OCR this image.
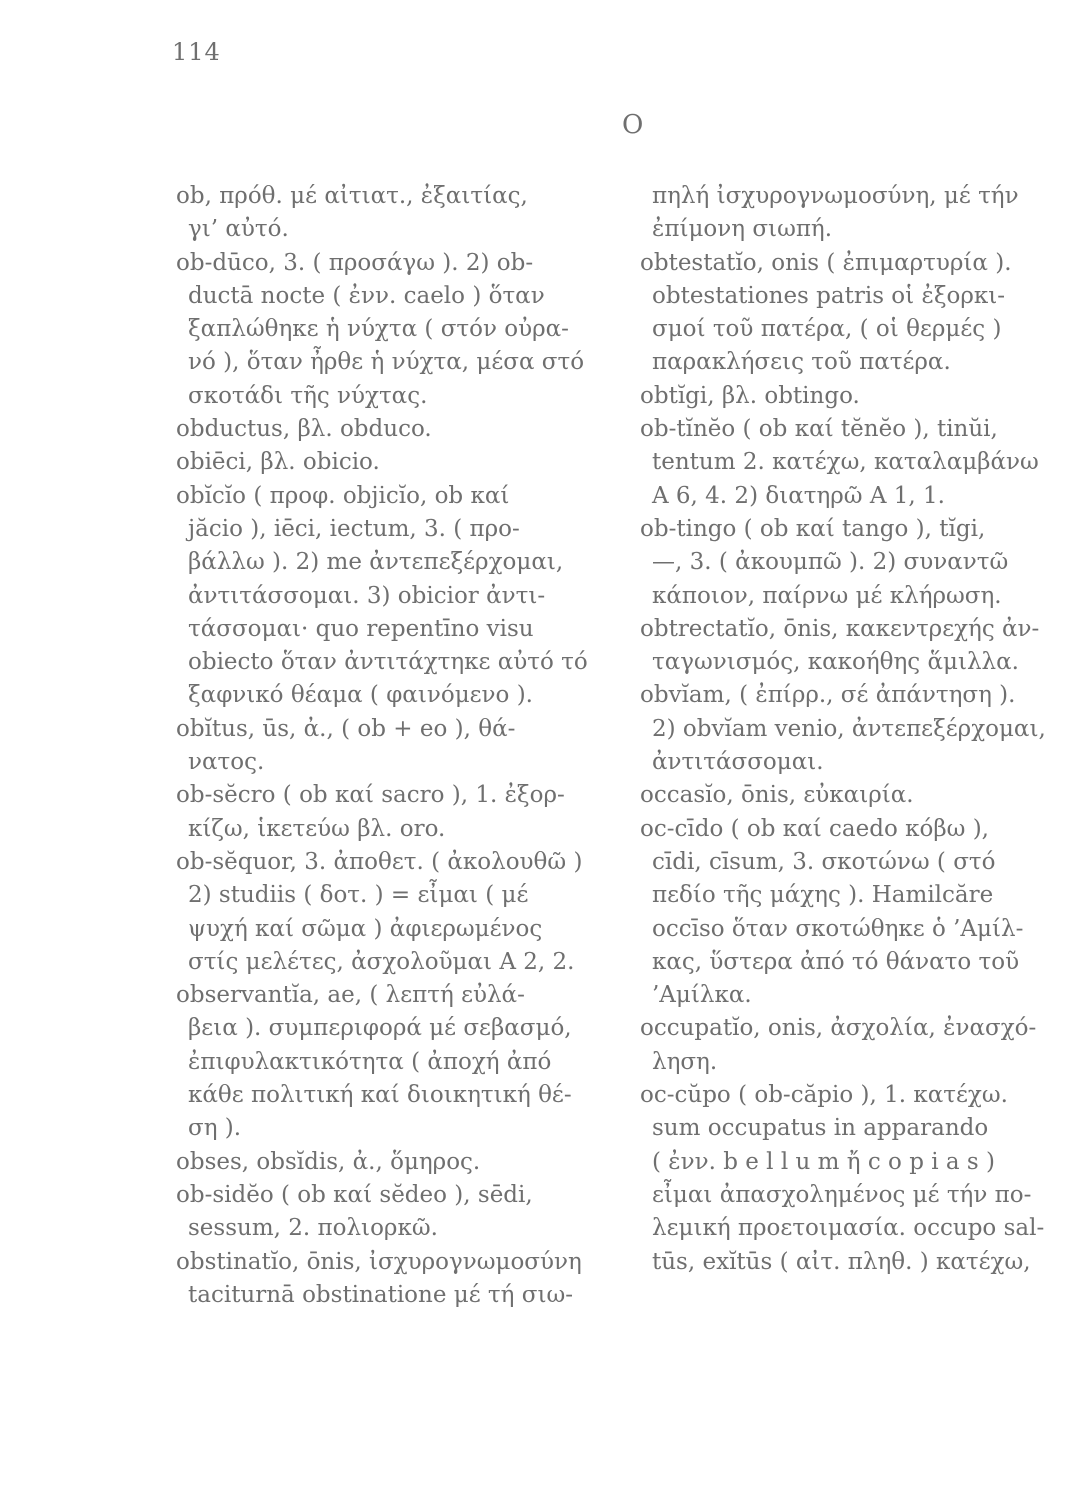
114
O
ob, πρόθ. μέ αἰτιατ., ἐξαιτίας,
γι’ αὐτό.
ob-dūco, 3. ( προσάγω ). 2) ob-
ductā nocte ( ἐνν. caelo ) ὅταν
ξαπλώθηκε ἡ νύχτα ( στόν οὐρα-
νό ), ὅταν ἦρθε ἡ νύχτα, μέσα στό
σκοτάδι τῆς νύχτας.
obductus, βλ. obduco.
obiēci, βλ. obicio.
obĭcĭo ( προφ. objicĭo, ob καί
jăcio ), iēci, iectum, 3. ( προ-
βάλλω ). 2) me ἀντεπεξέρχομαι,
ἀντιτάσσομαι. 3) obicior ἀντι-
τάσσομαι· quo repentīno visu
obiecto ὅταν ἀντιτάχτηκε αὐτό τό
ξαφνικό θέαμα ( φαινόμενο ).
obĭtus, ūs, ἀ., ( ob + eo ), θά-
νατος.
ob-sĕcro ( ob καί sacro ), 1. ἐξορ-
κίζω, ἱκετεύω βλ. oro.
ob-sĕquor, 3. ἀποθετ. ( ἀκολουθῶ )
2) studiis ( δοτ. ) = εἶμαι ( μέ
ψυχή καί σῶμα ) ἀφιερωμένος
στίς μελέτες, ἀσχολοῦμαι Α 2, 2.
observantĭa, ae, ( λεπτή εὐλά-
βεια ). συμπεριφορά μέ σεβασμό,
ἐπιφυλακτικότητα ( ἀποχή ἀπό
κάθε πολιτική καί διοικητική θέ-
ση ).
obses, obsĭdis, ἀ., ὅμηρος.
ob-sidĕo ( ob καί sĕdeo ), sēdi,
sessum, 2. πολιορκῶ.
obstinatĭo, ōnis, ἰσχυρογνωμοσύνη
taciturnā obstinatione μέ τή σιω-
πηλή ἰσχυρογνωμοσύνη, μέ τήν
ἐπίμονη σιωπή.
obtestatĭo, onis ( ἐπιμαρτυρία ).
obtestationes patris οἱ ἐξορκι-
σμοί τοῦ πατέρα, ( οἱ θερμές )
παρακλήσεις τοῦ πατέρα.
obtĭgi, βλ. obtingo.
ob-tĭnĕo ( ob καί tĕnĕo ), tinŭi,
tentum 2. κατέχω, καταλαμβάνω
Α 6, 4. 2) διατηρῶ Α 1, 1.
ob-tingo ( ob καί tango ), tĭgi,
—, 3. ( ἀκουμπῶ ). 2) συναντῶ
κάποιον, παίρνω μέ κλήρωση.
obtrectatĭo, ōnis, κακεντρεχής ἀν-
ταγωνισμός, κακοήθης ἅμιλλα.
obvĭam, ( ἐπίρρ., σέ ἀπάντηση ).
2) obvĭam venio, ἀντεπεξέρχομαι,
ἀντιτάσσομαι.
occasĭo, ōnis, εὐκαιρία.
oc-cīdo ( ob καί caedo κόβω ),
cīdi, cīsum, 3. σκοτώνω ( στό
πεδίο τῆς μάχης ). Hamilcăre
occīso ὅταν σκοτώθηκε ὁ ’Αμίλ-
κας, ὕστερα ἀπό τό θάνατο τοῦ
’Αμίλκα.
occupatĭo, onis, ἀσχολία, ἐνασχό-
ληση.
oc-cŭpo ( ob-căpio ), 1. κατέχω.
sum occupatus in apparando
( ἐνν. b e l l u m ἤ c o p i a s )
εἶμαι ἀπασχολημένος μέ τήν πο-
λεμική προετοιμασία. occupo sal-
tūs, exĭtūs ( αἰτ. πληθ. ) κατέχω,
